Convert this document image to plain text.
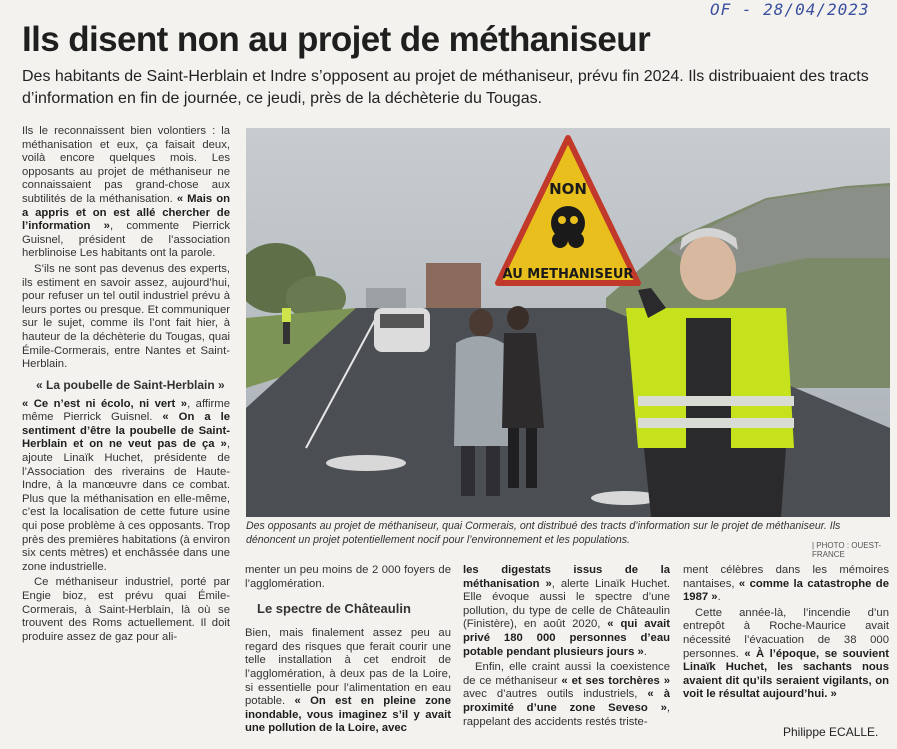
OF - 28/04/2023
Ils disent non au projet de méthaniseur

Des habitants de Saint-Herblain et Indre s’opposent au projet de méthaniseur, prévu fin 2024. Ils distribuaient des tracts d’information en fin de journée, ce jeudi, près de la déchèterie du Tougas.

Ils le reconnaissent bien volontiers : la méthanisation et eux, ça faisait deux, voilà encore quelques mois. Les opposants au projet de méthaniseur ne connaissaient pas grand-chose aux subtilités de la méthanisation. « Mais on a appris et on est allé chercher de l’information », commente Pierrick Guisnel, président de l’association herblinoise Les habitants ont la parole.

S’ils ne sont pas devenus des experts, ils estiment en savoir assez, aujourd’hui, pour refuser un tel outil industriel prévu à leurs portes ou presque. Et communiquer sur le sujet, comme ils l’ont fait hier, à hauteur de la déchèterie du Tougas, quai Émile-Cormerais, entre Nantes et Saint-Herblain.

« La poubelle de Saint-Herblain »

« Ce n’est ni écolo, ni vert », affirme même Pierrick Guisnel. « On a le sentiment d’être la poubelle de Saint-Herblain et on ne veut pas de ça », ajoute Linaïk Huchet, présidente de l’Association des riverains de Haute-Indre, à la manœuvre dans ce combat. Plus que la méthanisation en elle-même, c’est la localisation de cette future usine qui pose problème à ces opposants. Trop près des premières habitations (à environ six cents mètres) et enchâssée dans une zone industrielle.

Ce méthaniseur industriel, porté par Engie bioz, est prévu quai Émile-Cormerais, à Saint-Herblain, là où se trouvent des Roms actuellement. Il doit produire assez de gaz pour ali-

NON
AU METHANISEUR
Des opposants au projet de méthaniseur, quai Cormerais, ont distribué des tracts d’information sur le projet de méthaniseur. Ils dénoncent un projet potentiellement nocif pour l’environnement et les populations.	| PHOTO : OUEST-FRANCE

menter un peu moins de 2 000 foyers de l’agglomération.

Le spectre de Châteaulin

Bien, mais finalement assez peu au regard des risques que ferait courir une telle installation à cet endroit de l’agglomération, à deux pas de la Loire, si essentielle pour l’alimentation en eau potable. « On est en pleine zone inondable, vous imaginez s’il y avait une pollution de la Loire, avec

les digestats issus de la méthanisation », alerte Linaïk Huchet. Elle évoque aussi le spectre d’une pollution, du type de celle de Châteaulin (Finistère), en août 2020, « qui avait privé 180 000 personnes d’eau potable pendant plusieurs jours ».

Enfin, elle craint aussi la coexistence de ce méthaniseur « et ses torchères » avec d’autres outils industriels, « à proximité d’une zone Seveso », rappelant des accidents restés triste-

ment célèbres dans les mémoires nantaises, « comme la catastrophe de 1987 ».

Cette année-là, l’incendie d’un entrepôt à Roche-Maurice avait nécessité l’évacuation de 38 000 personnes. « À l’époque, se souvient Linaïk Huchet, les sachants nous avaient dit qu’ils seraient vigilants, on voit le résultat aujourd’hui. »

Philippe ECALLE.
